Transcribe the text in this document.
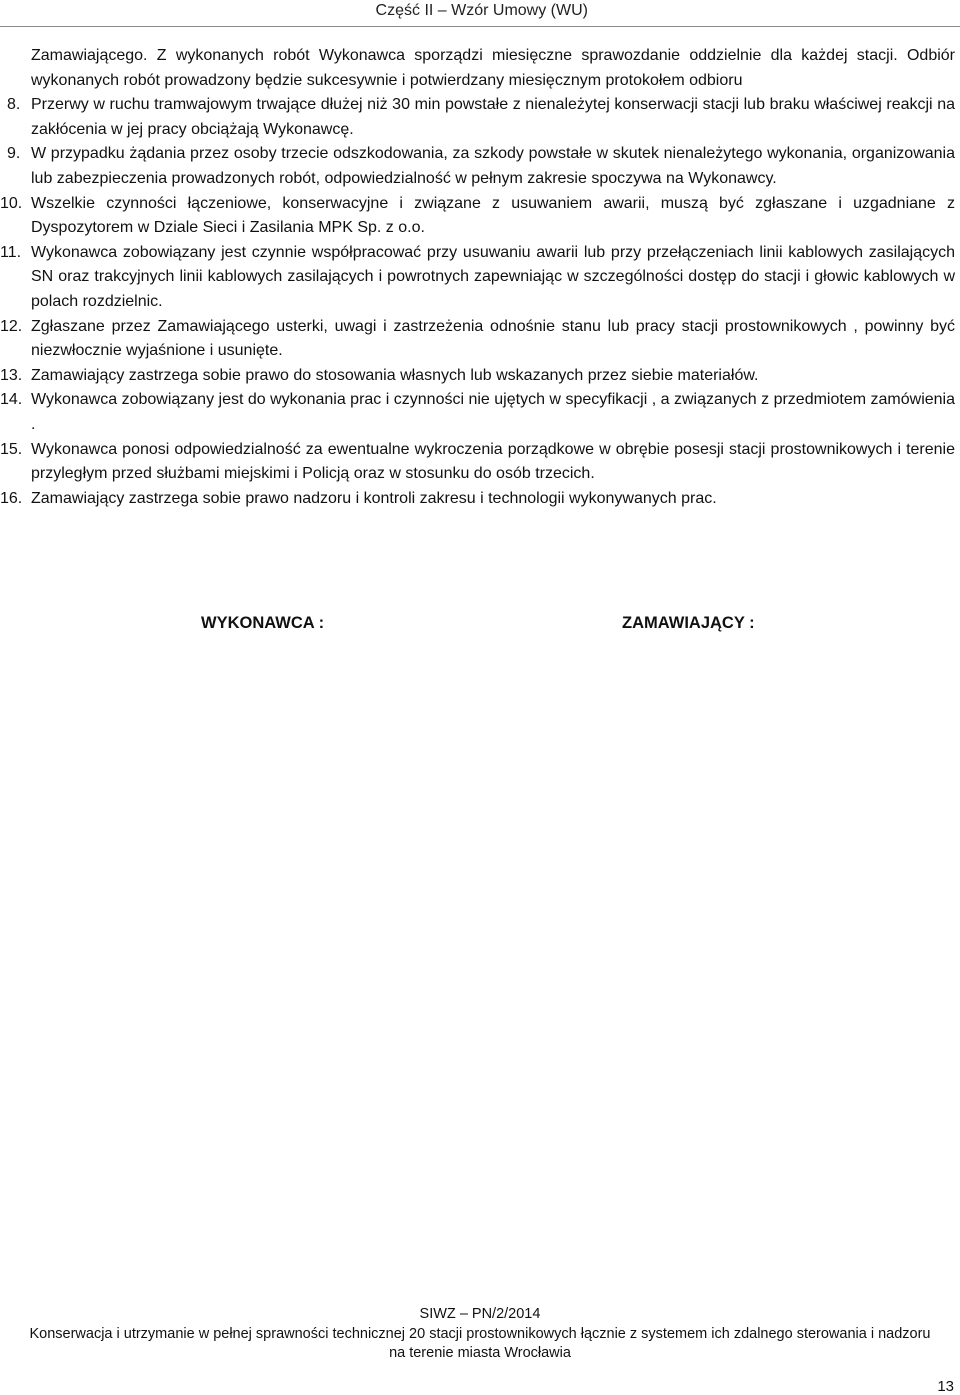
Część II – Wzór Umowy (WU)

Zamawiającego. Z wykonanych robót Wykonawca sporządzi miesięczne sprawozdanie oddzielnie dla każdej stacji. Odbiór wykonanych robót prowadzony będzie sukcesywnie i potwierdzany miesięcznym protokołem odbioru

8. Przerwy w ruchu tramwajowym trwające dłużej niż 30 min powstałe z nienależytej konserwacji stacji lub braku właściwej reakcji na zakłócenia w jej pracy obciążają Wykonawcę.
9. W przypadku żądania przez osoby trzecie odszkodowania, za szkody powstałe w skutek nienależytego wykonania, organizowania lub zabezpieczenia prowadzonych robót, odpowiedzialność w pełnym zakresie spoczywa na Wykonawcy.
10. Wszelkie czynności łączeniowe, konserwacyjne i związane z usuwaniem awarii, muszą być zgłaszane i uzgadniane z Dyspozytorem w Dziale Sieci i Zasilania MPK Sp. z o.o.
11. Wykonawca zobowiązany jest czynnie współpracować przy usuwaniu awarii lub przy przełączeniach linii kablowych zasilających SN oraz trakcyjnych linii kablowych zasilających i powrotnych zapewniając w szczególności dostęp do stacji i głowic kablowych w polach rozdzielnic.
12. Zgłaszane przez Zamawiającego usterki, uwagi i zastrzeżenia odnośnie stanu lub pracy stacji prostownikowych , powinny być niezwłocznie wyjaśnione i usunięte.
13. Zamawiający zastrzega sobie prawo do stosowania własnych lub wskazanych przez siebie materiałów.
14. Wykonawca zobowiązany jest do wykonania prac i czynności nie ujętych w specyfikacji , a związanych z przedmiotem zamówienia .
15. Wykonawca ponosi odpowiedzialność za ewentualne wykroczenia porządkowe w obrębie posesji stacji prostownikowych i terenie przyległym przed służbami miejskimi i Policją oraz w stosunku do osób trzecich.
16. Zamawiający zastrzega sobie prawo nadzoru i kontroli zakresu i technologii wykonywanych prac.
WYKONAWCA :	ZAMAWIAJĄCY :

SIWZ – PN/2/2014

Konserwacja i utrzymanie w pełnej sprawności technicznej 20 stacji prostownikowych łącznie z systemem ich zdalnego sterowania i nadzoru

na terenie miasta Wrocławia

13
